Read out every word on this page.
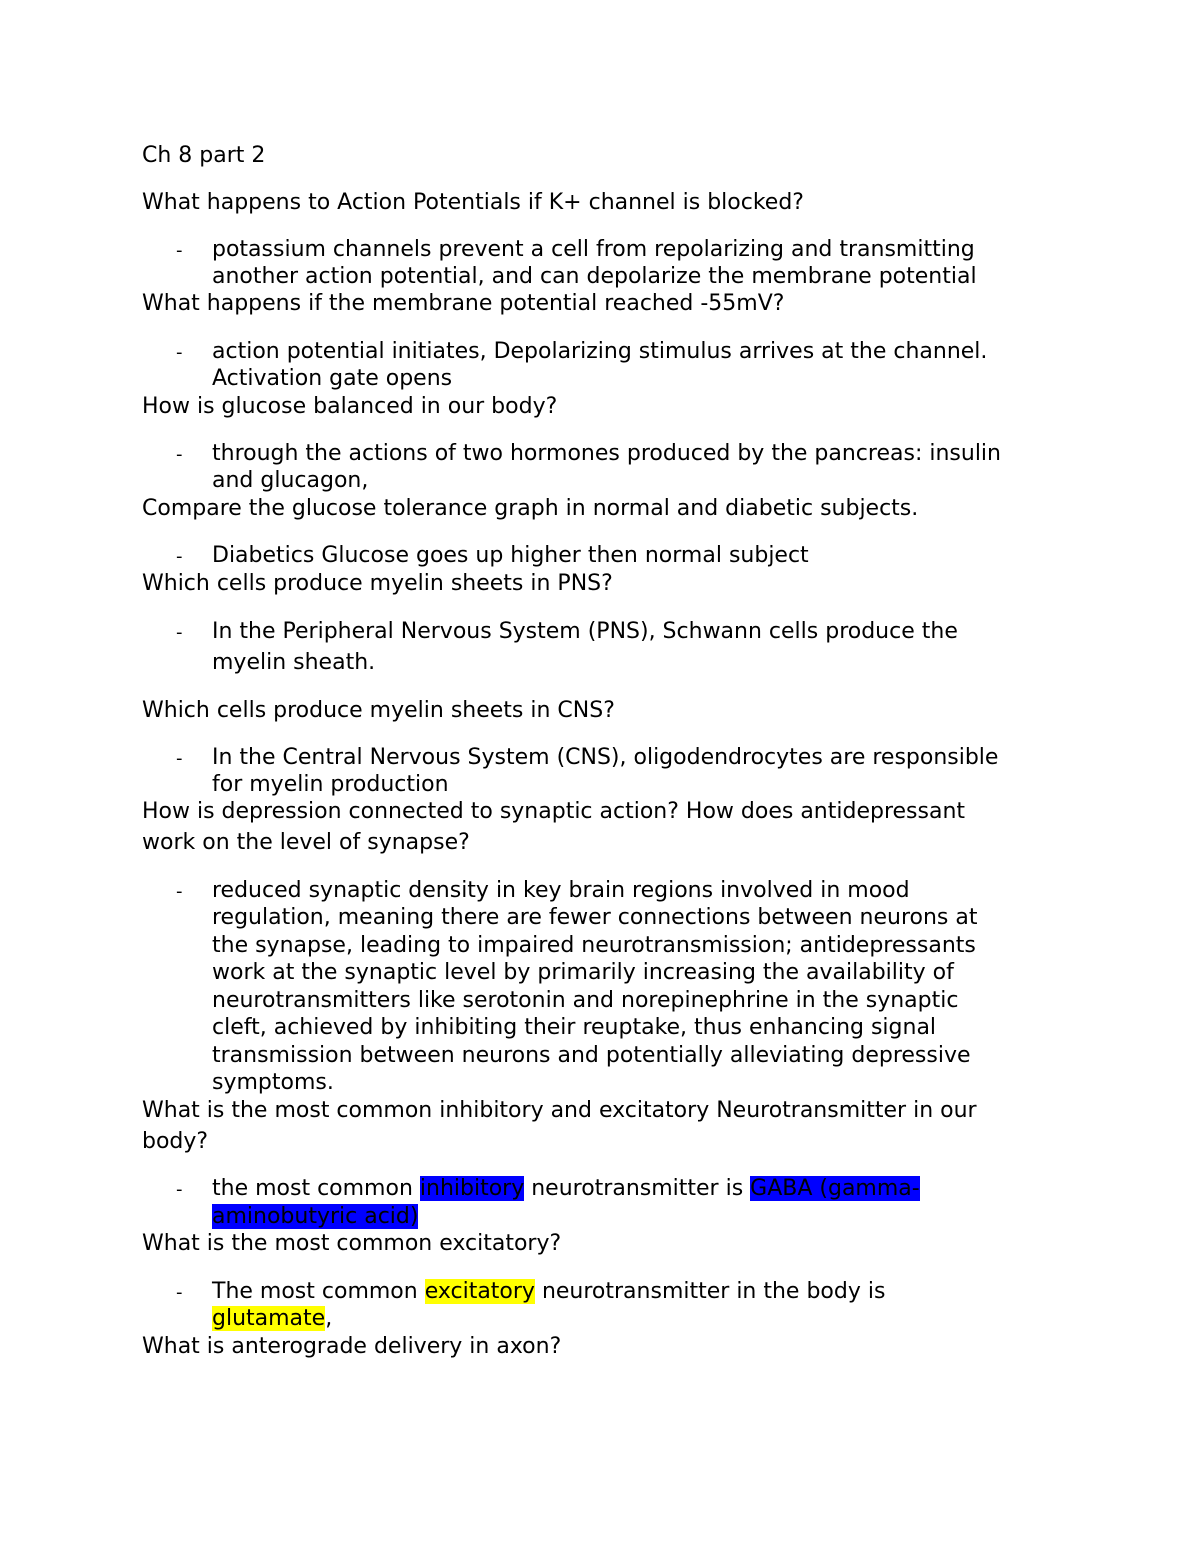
Ch 8 part 2
What happens to Action Potentials if K+ channel is blocked?
- potassium channels prevent a cell from repolarizing and transmitting
another action potential, and can depolarize the membrane potential
What happens if the membrane potential reached -55mV?
- action potential initiates, Depolarizing stimulus arrives at the channel.
Activation gate opens
How is glucose balanced in our body?
- through the actions of two hormones produced by the pancreas: insulin
and glucagon,
Compare the glucose tolerance graph in normal and diabetic subjects.
- Diabetics Glucose goes up higher then normal subject
Which cells produce myelin sheets in PNS?
- In the Peripheral Nervous System (PNS), Schwann cells produce the
myelin sheath.
Which cells produce myelin sheets in CNS?
- In the Central Nervous System (CNS), oligodendrocytes are responsible
for myelin production
How is depression connected to synaptic action? How does antidepressant
work on the level of synapse?
- reduced synaptic density in key brain regions involved in mood
regulation, meaning there are fewer connections between neurons at
the synapse, leading to impaired neurotransmission; antidepressants
work at the synaptic level by primarily increasing the availability of
neurotransmitters like serotonin and norepinephrine in the synaptic
cleft, achieved by inhibiting their reuptake, thus enhancing signal
transmission between neurons and potentially alleviating depressive
symptoms.
What is the most common inhibitory and excitatory Neurotransmitter in our
body?
- the most common inhibitory neurotransmitter is GABA (gamma-
aminobutyric acid)
What is the most common excitatory?
- The most common excitatory neurotransmitter in the body is
glutamate,
What is anterograde delivery in axon?
